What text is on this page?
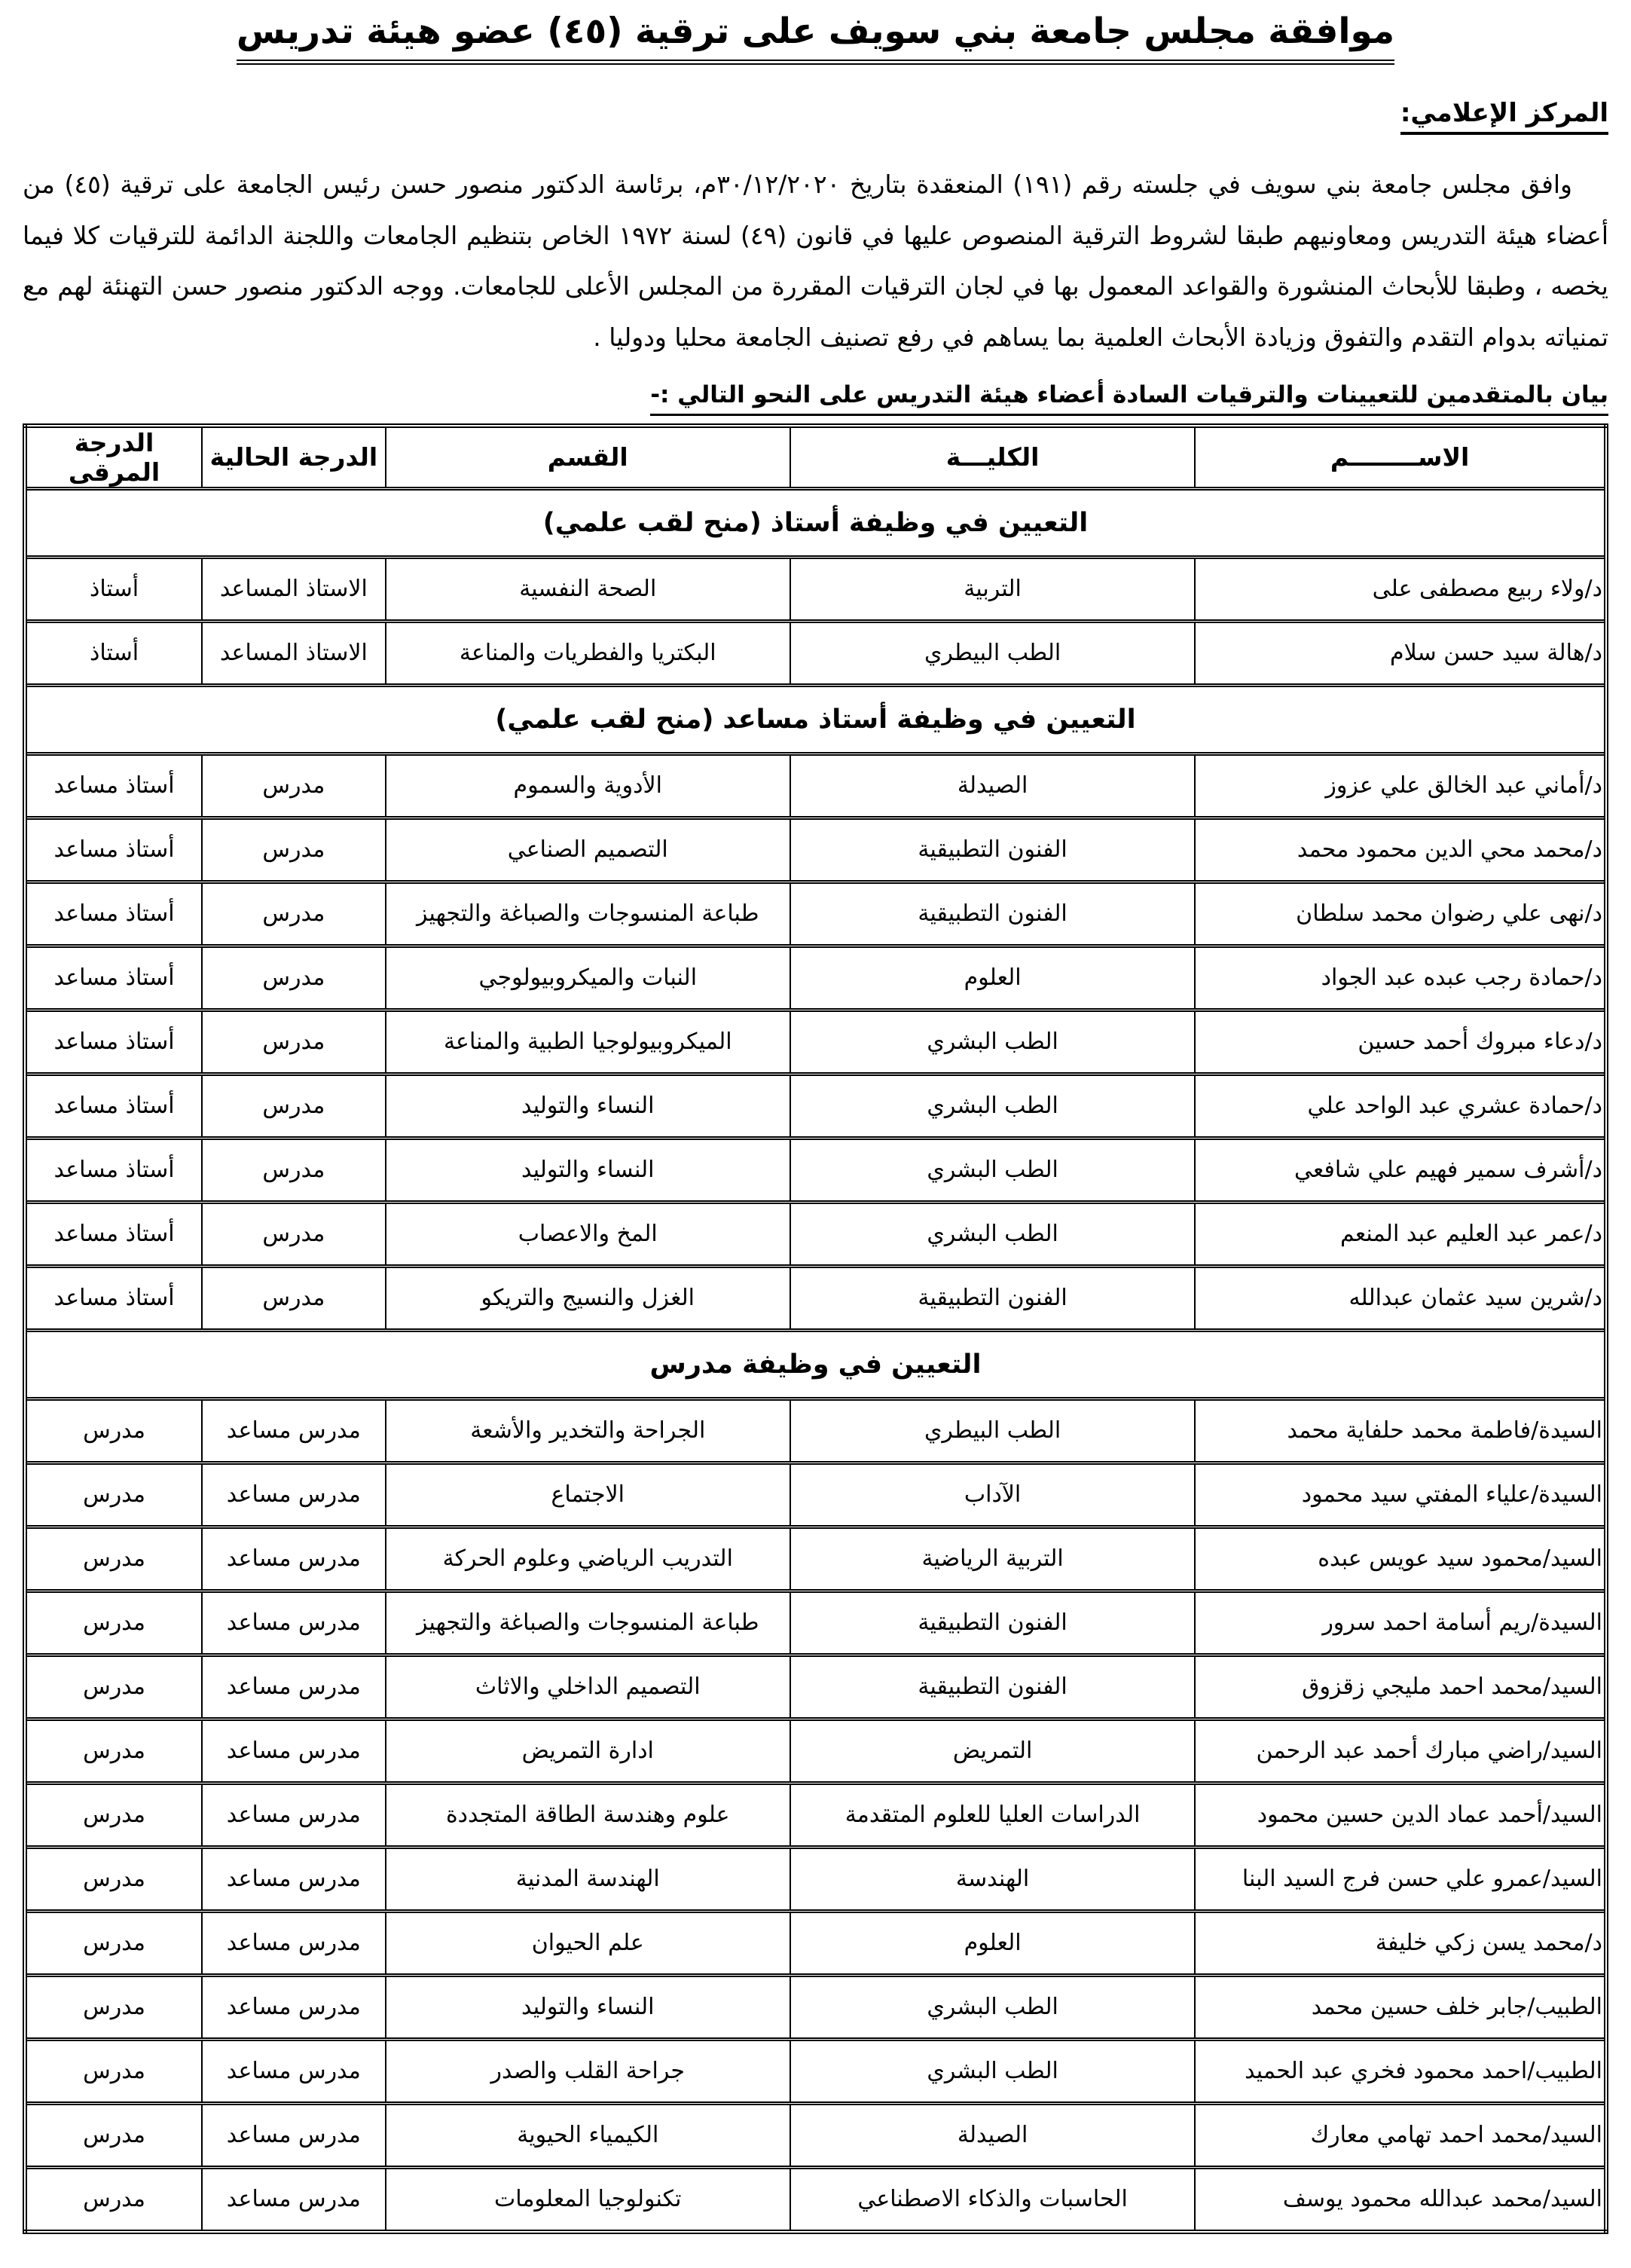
موافقة مجلس جامعة بني سويف على ترقية (٤٥) عضو هيئة تدريس
المركز الإعلامي:

وافق مجلس جامعة بني سويف في جلسته رقم (١٩١) المنعقدة بتاريخ ٣٠/١٢/٢٠٢٠م، برئاسة الدكتور منصور حسن رئيس الجامعة على ترقية (٤٥) من أعضاء هيئة التدريس ومعاونيهم طبقا لشروط الترقية المنصوص عليها في قانون (٤٩) لسنة ١٩٧٢ الخاص بتنظيم الجامعات واللجنة الدائمة للترقيات كلا فيما يخصه ، وطبقا للأبحاث المنشورة والقواعد المعمول بها في لجان الترقيات المقررة من المجلس الأعلى للجامعات. ووجه الدكتور منصور حسن التهنئة لهم مع تمنياته بدوام التقدم والتفوق وزيادة الأبحاث العلمية بما يساهم في رفع تصنيف الجامعة محليا ودوليا .

بيان بالمتقدمين للتعيينات والترقيات السادة أعضاء هيئة التدريس على النحو التالي :-
الاســــــــم	الكليـــة	القسم	الدرجة الحالية	الدرجة المرقى
التعيين في وظيفة أستاذ (منح لقب علمي)				
د/ولاء ربيع مصطفى على	التربية	الصحة النفسية	الاستاذ المساعد	أستاذ
د/هالة سيد حسن سلام	الطب البيطري	البكتريا والفطريات والمناعة	الاستاذ المساعد	أستاذ
التعيين في وظيفة أستاذ مساعد (منح لقب علمي)				
د/أماني عبد الخالق علي عزوز	الصيدلة	الأدوية والسموم	مدرس	أستاذ مساعد
د/محمد محي الدين محمود محمد	الفنون التطبيقية	التصميم الصناعي	مدرس	أستاذ مساعد
د/نهى علي رضوان محمد سلطان	الفنون التطبيقية	طباعة المنسوجات والصباغة والتجهيز	مدرس	أستاذ مساعد
د/حمادة رجب عبده عبد الجواد	العلوم	النبات والميكروبيولوجي	مدرس	أستاذ مساعد
د/دعاء مبروك أحمد حسين	الطب البشري	الميكروبيولوجيا الطبية والمناعة	مدرس	أستاذ مساعد
د/حمادة عشري عبد الواحد علي	الطب البشري	النساء والتوليد	مدرس	أستاذ مساعد
د/أشرف سمير فهيم علي شافعي	الطب البشري	النساء والتوليد	مدرس	أستاذ مساعد
د/عمر عبد العليم عبد المنعم	الطب البشري	المخ والاعصاب	مدرس	أستاذ مساعد
د/شرين سيد عثمان عبدالله	الفنون التطبيقية	الغزل والنسيج والتريكو	مدرس	أستاذ مساعد
التعيين في وظيفة مدرس				
السيدة/فاطمة محمد حلفاية محمد	الطب البيطري	الجراحة والتخدير والأشعة	مدرس مساعد	مدرس
السيدة/علياء المفتي سيد محمود	الآداب	الاجتماع	مدرس مساعد	مدرس
السيد/محمود سيد عويس عبده	التربية الرياضية	التدريب الرياضي وعلوم الحركة	مدرس مساعد	مدرس
السيدة/ريم أسامة احمد سرور	الفنون التطبيقية	طباعة المنسوجات والصباغة والتجهيز	مدرس مساعد	مدرس
السيد/محمد احمد مليجي زقزوق	الفنون التطبيقية	التصميم الداخلي والاثاث	مدرس مساعد	مدرس
السيد/راضي مبارك أحمد عبد الرحمن	التمريض	ادارة التمريض	مدرس مساعد	مدرس
السيد/أحمد عماد الدين حسين محمود	الدراسات العليا للعلوم المتقدمة	علوم وهندسة الطاقة المتجددة	مدرس مساعد	مدرس
السيد/عمرو علي حسن فرج السيد البنا	الهندسة	الهندسة المدنية	مدرس مساعد	مدرس
د/محمد يسن زكي خليفة	العلوم	علم الحيوان	مدرس مساعد	مدرس
الطبيب/جابر خلف حسين محمد	الطب البشري	النساء والتوليد	مدرس مساعد	مدرس
الطبيب/احمد محمود فخري عبد الحميد	الطب البشري	جراحة القلب والصدر	مدرس مساعد	مدرس
السيد/محمد احمد تهامي معارك	الصيدلة	الكيمياء الحيوية	مدرس مساعد	مدرس
السيد/محمد عبدالله محمود يوسف	الحاسبات والذكاء الاصطناعي	تكنولوجيا المعلومات	مدرس مساعد	مدرس
